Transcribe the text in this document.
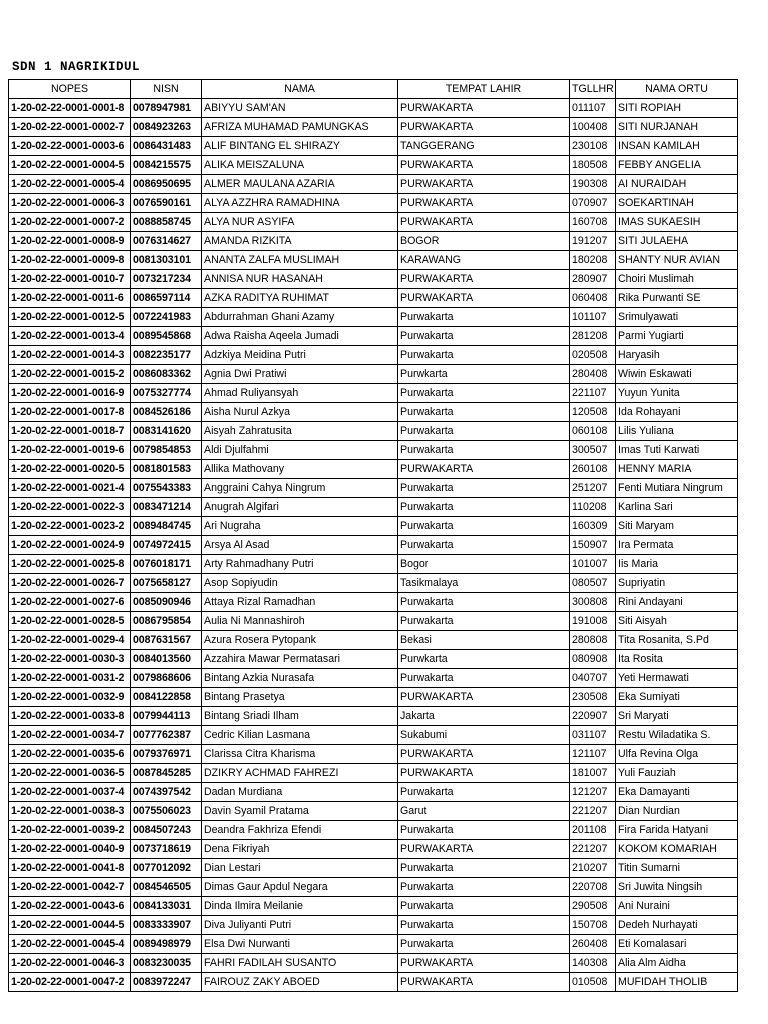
SDN 1 NAGRIKIDUL
NOPES	NISN	NAMA	TEMPAT LAHIR	TGLLHR	NAMA ORTU
1-20-02-22-0001-0001-8	0078947981	ABIYYU SAM'AN	PURWAKARTA	011107	SITI ROPIAH
1-20-02-22-0001-0002-7	0084923263	AFRIZA MUHAMAD PAMUNGKAS	PURWAKARTA	100408	SITI NURJANAH
1-20-02-22-0001-0003-6	0086431483	ALIF BINTANG EL SHIRAZY	TANGGERANG	230108	INSAN KAMILAH
1-20-02-22-0001-0004-5	0084215575	ALIKA MEISZALUNA	PURWAKARTA	180508	FEBBY ANGELIA
1-20-02-22-0001-0005-4	0086950695	ALMER MAULANA AZARIA	PURWAKARTA	190308	AI NURAIDAH
1-20-02-22-0001-0006-3	0076590161	ALYA AZZHRA RAMADHINA	PURWAKARTA	070907	SOEKARTINAH
1-20-02-22-0001-0007-2	0088858745	ALYA NUR ASYIFA	PURWAKARTA	160708	IMAS SUKAESIH
1-20-02-22-0001-0008-9	0076314627	AMANDA RIZKITA	BOGOR	191207	SITI JULAEHA
1-20-02-22-0001-0009-8	0081303101	ANANTA ZALFA MUSLIMAH	KARAWANG	180208	SHANTY NUR AVIAN
1-20-02-22-0001-0010-7	0073217234	ANNISA NUR HASANAH	PURWAKARTA	280907	Choiri Muslimah
1-20-02-22-0001-0011-6	0086597114	AZKA RADITYA RUHIMAT	PURWAKARTA	060408	Rika Purwanti SE
1-20-02-22-0001-0012-5	0072241983	Abdurrahman Ghani Azamy	Purwakarta	101107	Srimulyawati
1-20-02-22-0001-0013-4	0089545868	Adwa Raisha Aqeela Jumadi	Purwakarta	281208	Parmi Yugiarti
1-20-02-22-0001-0014-3	0082235177	Adzkiya Meidina Putri	Purwakarta	020508	Haryasih
1-20-02-22-0001-0015-2	0086083362	Agnia Dwi Pratiwi	Purwkarta	280408	Wiwin Eskawati
1-20-02-22-0001-0016-9	0075327774	Ahmad Ruliyansyah	Purwakarta	221107	Yuyun Yunita
1-20-02-22-0001-0017-8	0084526186	Aisha Nurul Azkya	Purwakarta	120508	Ida Rohayani
1-20-02-22-0001-0018-7	0083141620	Aisyah Zahratusita	Purwakarta	060108	Lilis Yuliana
1-20-02-22-0001-0019-6	0079854853	Aldi Djulfahmi	Purwakarta	300507	Imas Tuti Karwati
1-20-02-22-0001-0020-5	0081801583	Allika Mathovany	PURWAKARTA	260108	HENNY MARIA
1-20-02-22-0001-0021-4	0075543383	Anggraini Cahya Ningrum	Purwakarta	251207	Fenti Mutiara Ningrum
1-20-02-22-0001-0022-3	0083471214	Anugrah Algifari	Purwakarta	110208	Karlina Sari
1-20-02-22-0001-0023-2	0089484745	Ari Nugraha	Purwakarta	160309	Siti Maryam
1-20-02-22-0001-0024-9	0074972415	Arsya Al Asad	Purwakarta	150907	Ira Permata
1-20-02-22-0001-0025-8	0076018171	Arty Rahmadhany Putri	Bogor	101007	Iis Maria
1-20-02-22-0001-0026-7	0075658127	Asop Sopiyudin	Tasikmalaya	080507	Supriyatin
1-20-02-22-0001-0027-6	0085090946	Attaya Rizal Ramadhan	Purwakarta	300808	Rini Andayani
1-20-02-22-0001-0028-5	0086795854	Aulia Ni Mannashiroh	Purwakarta	191008	Siti Aisyah
1-20-02-22-0001-0029-4	0087631567	Azura Rosera Pytopank	Bekasi	280808	Tita Rosanita, S.Pd
1-20-02-22-0001-0030-3	0084013560	Azzahira Mawar Permatasari	Purwkarta	080908	Ita Rosita
1-20-02-22-0001-0031-2	0079868606	Bintang Azkia Nurasafa	Purwakarta	040707	Yeti Hermawati
1-20-02-22-0001-0032-9	0084122858	Bintang Prasetya	PURWAKARTA	230508	Eka Sumiyati
1-20-02-22-0001-0033-8	0079944113	Bintang Sriadi Ilham	Jakarta	220907	Sri Maryati
1-20-02-22-0001-0034-7	0077762387	Cedric Kilian Lasmana	Sukabumi	031107	Restu Wiladatika S.
1-20-02-22-0001-0035-6	0079376971	Clarissa Citra Kharisma	PURWAKARTA	121107	Ulfa Revina Olga
1-20-02-22-0001-0036-5	0087845285	DZIKRY ACHMAD FAHREZI	PURWAKARTA	181007	Yuli Fauziah
1-20-02-22-0001-0037-4	0074397542	Dadan Murdiana	Purwakarta	121207	Eka Damayanti
1-20-02-22-0001-0038-3	0075506023	Davin Syamil Pratama	Garut	221207	Dian Nurdian
1-20-02-22-0001-0039-2	0084507243	Deandra Fakhriza Efendi	Purwakarta	201108	Fira Farida Hatyani
1-20-02-22-0001-0040-9	0073718619	Dena Fikriyah	PURWAKARTA	221207	KOKOM KOMARIAH
1-20-02-22-0001-0041-8	0077012092	Dian Lestari	Purwakarta	210207	Titin Sumarni
1-20-02-22-0001-0042-7	0084546505	Dimas Gaur Apdul Negara	Purwakarta	220708	Sri Juwita Ningsih
1-20-02-22-0001-0043-6	0084133031	Dinda Ilmira Meilanie	Purwakarta	290508	Ani Nuraini
1-20-02-22-0001-0044-5	0083333907	Diva Juliyanti Putri	Purwakarta	150708	Dedeh Nurhayati
1-20-02-22-0001-0045-4	0089498979	Elsa Dwi Nurwanti	Purwakarta	260408	Eti Komalasari
1-20-02-22-0001-0046-3	0083230035	FAHRI FADILAH SUSANTO	PURWAKARTA	140308	Alia Alm Aidha
1-20-02-22-0001-0047-2	0083972247	FAIROUZ ZAKY ABOED	PURWAKARTA	010508	MUFIDAH THOLIB
